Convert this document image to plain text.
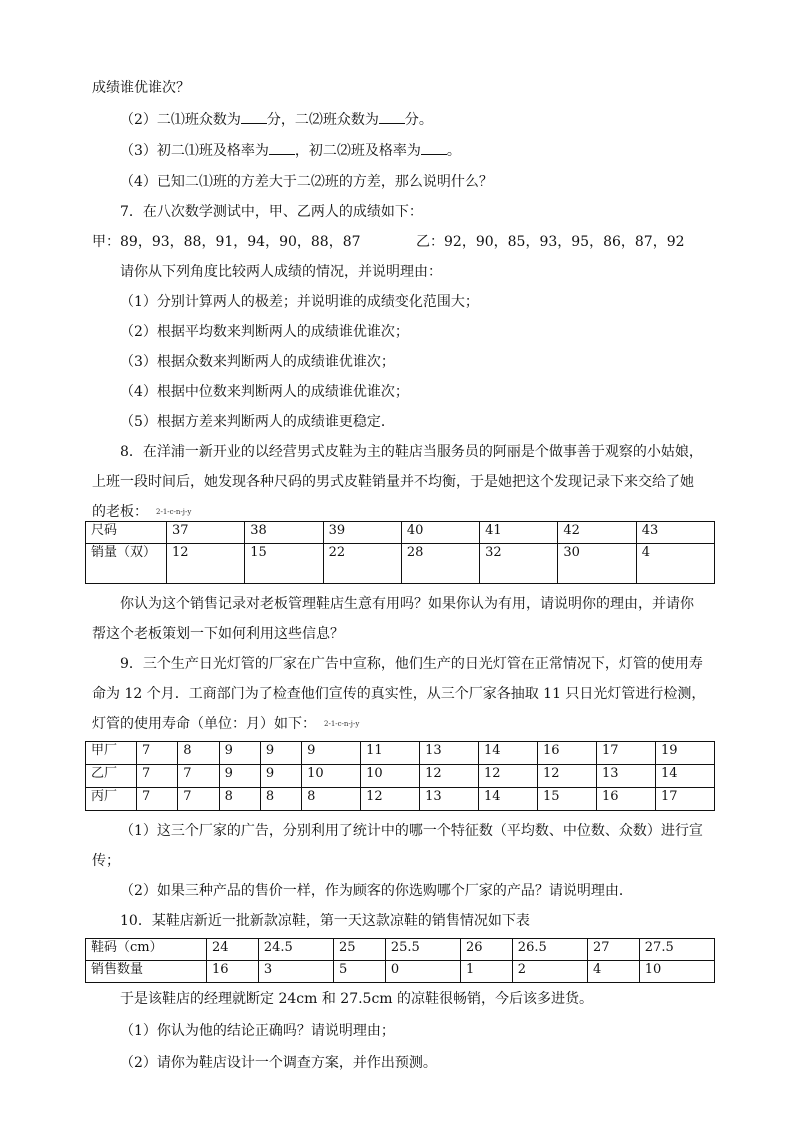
成绩谁优谁次？
（2）二⑴班众数为 分，二⑵班众数为 分。
（3）初二⑴班及格率为 ，初二⑵班及格率为 。
（4）已知二⑴班的方差大于二⑵班的方差，那么说明什么？
7．在八次数学测试中，甲、乙两人的成绩如下：
甲：89，93，88，91，94，90，88，87	乙：92，90，85，93，95，86，87，92
请你从下列角度比较两人成绩的情况，并说明理由：
（1）分别计算两人的极差；并说明谁的成绩变化范围大；
（2）根据平均数来判断两人的成绩谁优谁次；
（3）根据众数来判断两人的成绩谁优谁次；
（4）根据中位数来判断两人的成绩谁优谁次；
（5）根据方差来判断两人的成绩谁更稳定．
8．在洋浦一新开业的以经营男式皮鞋为主的鞋店当服务员的阿丽是个做事善于观察的小姑娘，
上班一段时间后，她发现各种尺码的男式皮鞋销量并不均衡，于是她把这个发现记录下来交给了她
的老板： 2-1-c-n-j-y
尺码	37	38	39	40	41	42	43
销量（双）	12	15	22	28	32	30	4
你认为这个销售记录对老板管理鞋店生意有用吗？如果你认为有用，请说明你的理由，并请你
帮这个老板策划一下如何利用这些信息？
9．三个生产日光灯管的厂家在广告中宣称，他们生产的日光灯管在正常情况下，灯管的使用寿
命为 12 个月．工商部门为了检查他们宣传的真实性，从三个厂家各抽取 11 只日光灯管进行检测，
灯管的使用寿命（单位：月）如下： 2-1-c-n-j-y
甲厂	7	8	9	9	9	11	13	14	16	17	19
乙厂	7	7	9	9	10	10	12	12	12	13	14
丙厂	7	7	8	8	8	12	13	14	15	16	17
（1）这三个厂家的广告，分别利用了统计中的哪一个特征数（平均数、中位数、众数）进行宣
传；
（2）如果三种产品的售价一样，作为顾客的你选购哪个厂家的产品？请说明理由．
10．某鞋店新近一批新款凉鞋，第一天这款凉鞋的销售情况如下表
鞋码（cm）	24	24.5	25	25.5	26	26.5	27	27.5
销售数量	16	3	5	0	1	2	4	10
于是该鞋店的经理就断定 24cm 和 27.5cm 的凉鞋很畅销，今后该多进货。
（1）你认为他的结论正确吗？请说明理由；
（2）请你为鞋店设计一个调查方案，并作出预测。
